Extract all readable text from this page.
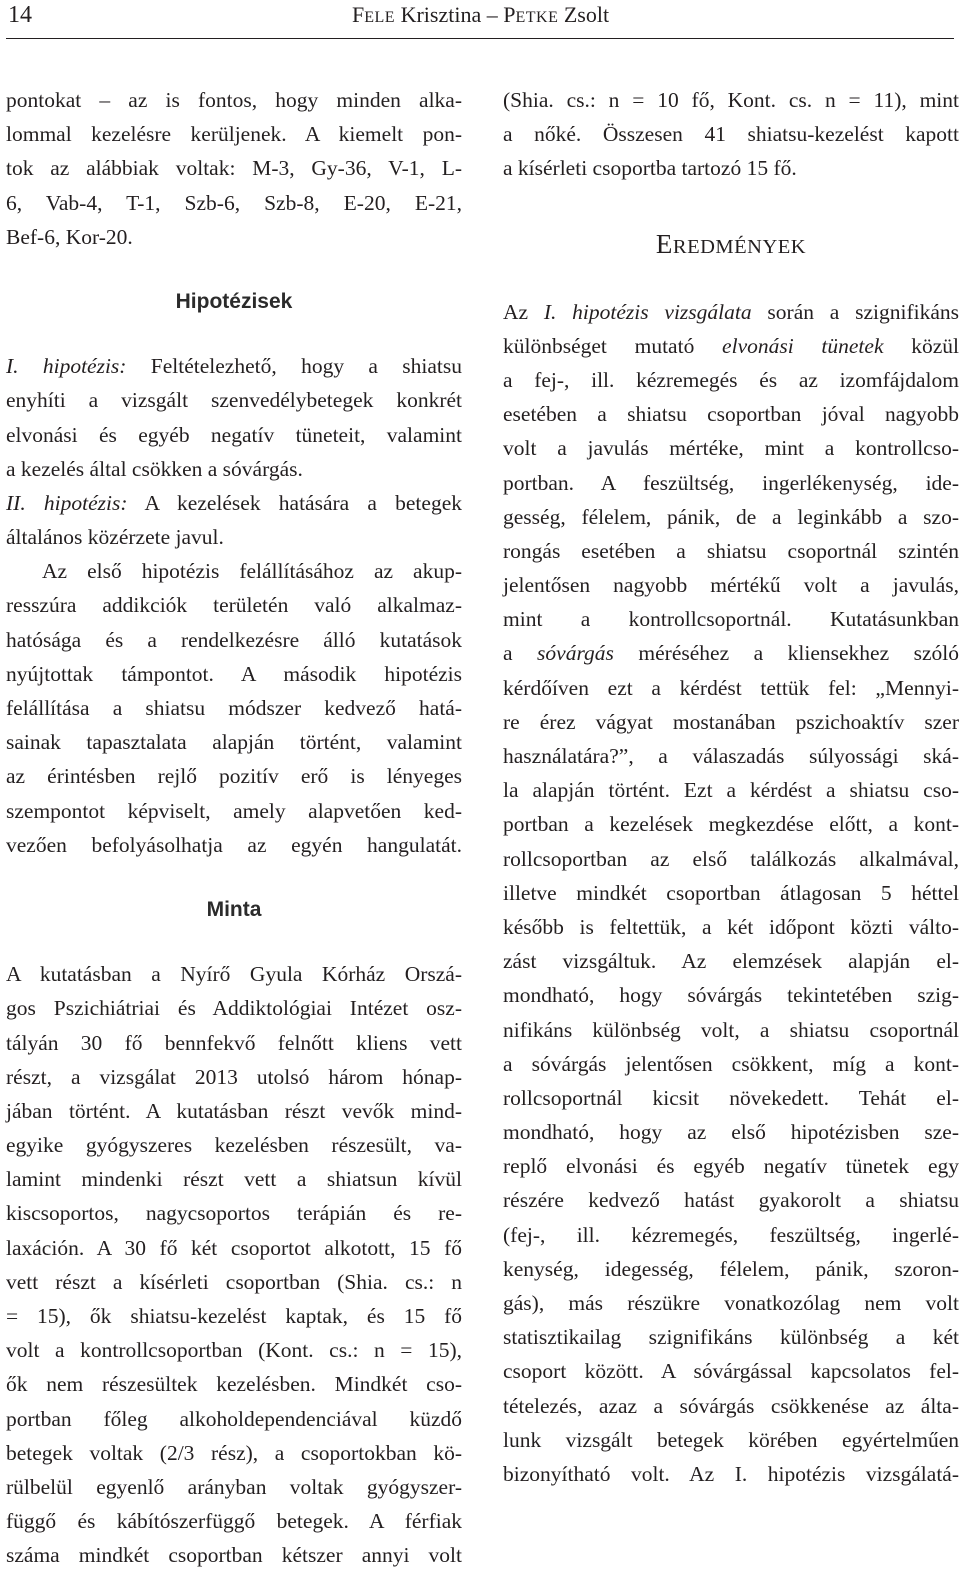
14	FELE Krisztina – PETKE Zsolt
pontokat – az is fontos, hogy minden alka-
lommal kezelésre kerüljenek. A kiemelt pon-
tok az alábbiak voltak: M-3, Gy-36, V-1, L-
6, Vab-4, T-1, Szb-6, Szb-8, E-20, E-21,
Bef-6, Kor-20.
Hipotézisek
I. hipotézis: Feltételezhető, hogy a shiatsu
enyhíti a vizsgált szenvedélybetegek konkrét
elvonási és egyéb negatív tüneteit, valamint
a kezelés által csökken a sóvárgás.
II. hipotézis: A kezelések hatására a betegek
általános közérzete javul.
Az első hipotézis felállításához az akup-
resszúra addikciók területén való alkalmaz-
hatósága és a rendelkezésre álló kutatások
nyújtottak támpontot. A második hipotézis
felállítása a shiatsu módszer kedvező hatá-
sainak tapasztalata alapján történt, valamint
az érintésben rejlő pozitív erő is lényeges
szempontot képviselt, amely alapvetően ked-
vezően befolyásolhatja az egyén hangulatát.
Minta
A kutatásban a Nyírő Gyula Kórház Orszá-
gos Pszichiátriai és Addiktológiai Intézet osz-
tályán 30 fő bennfekvő felnőtt kliens vett
részt, a vizsgálat 2013 utolsó három hónap-
jában történt. A kutatásban részt vevők mind-
egyike gyógyszeres kezelésben részesült, va-
lamint mindenki részt vett a shiatsun kívül
kiscsoportos, nagycsoportos terápián és re-
laxáción. A 30 fő két csoportot alkotott, 15 fő
vett részt a kísérleti csoportban (Shia. cs.: n
= 15), ők shiatsu-kezelést kaptak, és 15 fő
volt a kontrollcsoportban (Kont. cs.: n = 15),
ők nem részesültek kezelésben. Mindkét cso-
portban főleg alkoholdependenciával küzdő
betegek voltak (2/3 rész), a csoportokban kö-
rülbelül egyenlő arányban voltak gyógyszer-
függő és kábítószerfüggő betegek. A férfiak
száma mindkét csoportban kétszer annyi volt
(Shia. cs.: n = 10 fő, Kont. cs. n = 11), mint
a nőké. Összesen 41 shiatsu-kezelést kapott
a kísérleti csoportba tartozó 15 fő.
EREDMÉNYEK
Az I. hipotézis vizsgálata során a szignifikáns
különbséget mutató elvonási tünetek közül
a fej-, ill. kézremegés és az izomfájdalom
esetében a shiatsu csoportban jóval nagyobb
volt a javulás mértéke, mint a kontrollcso-
portban. A feszültség, ingerlékenység, ide-
gesség, félelem, pánik, de a leginkább a szo-
rongás esetében a shiatsu csoportnál szintén
jelentősen nagyobb mértékű volt a javulás,
mint a kontrollcsoportnál. Kutatásunkban
a sóvárgás méréséhez a kliensekhez szóló
kérdőíven ezt a kérdést tettük fel: „Mennyi-
re érez vágyat mostanában pszichoaktív szer
használatára?”, a válaszadás súlyossági ská-
la alapján történt. Ezt a kérdést a shiatsu cso-
portban a kezelések megkezdése előtt, a kont-
rollcsoportban az első találkozás alkalmával,
illetve mindkét csoportban átlagosan 5 héttel
később is feltettük, a két időpont közti válto-
zást vizsgáltuk. Az elemzések alapján el-
mondható, hogy sóvárgás tekintetében szig-
nifikáns különbség volt, a shiatsu csoportnál
a sóvárgás jelentősen csökkent, míg a kont-
rollcsoportnál kicsit növekedett. Tehát el-
mondható, hogy az első hipotézisben sze-
replő elvonási és egyéb negatív tünetek egy
részére kedvező hatást gyakorolt a shiatsu
(fej-, ill. kézremegés, feszültség, ingerlé-
kenység, idegesség, félelem, pánik, szoron-
gás), más részükre vonatkozólag nem volt
statisztikailag szignifikáns különbség a két
csoport között. A sóvárgással kapcsolatos fel-
tételezés, azaz a sóvárgás csökkenése az álta-
lunk vizsgált betegek körében egyértelműen
bizonyítható volt. Az I. hipotézis vizsgálatá-
